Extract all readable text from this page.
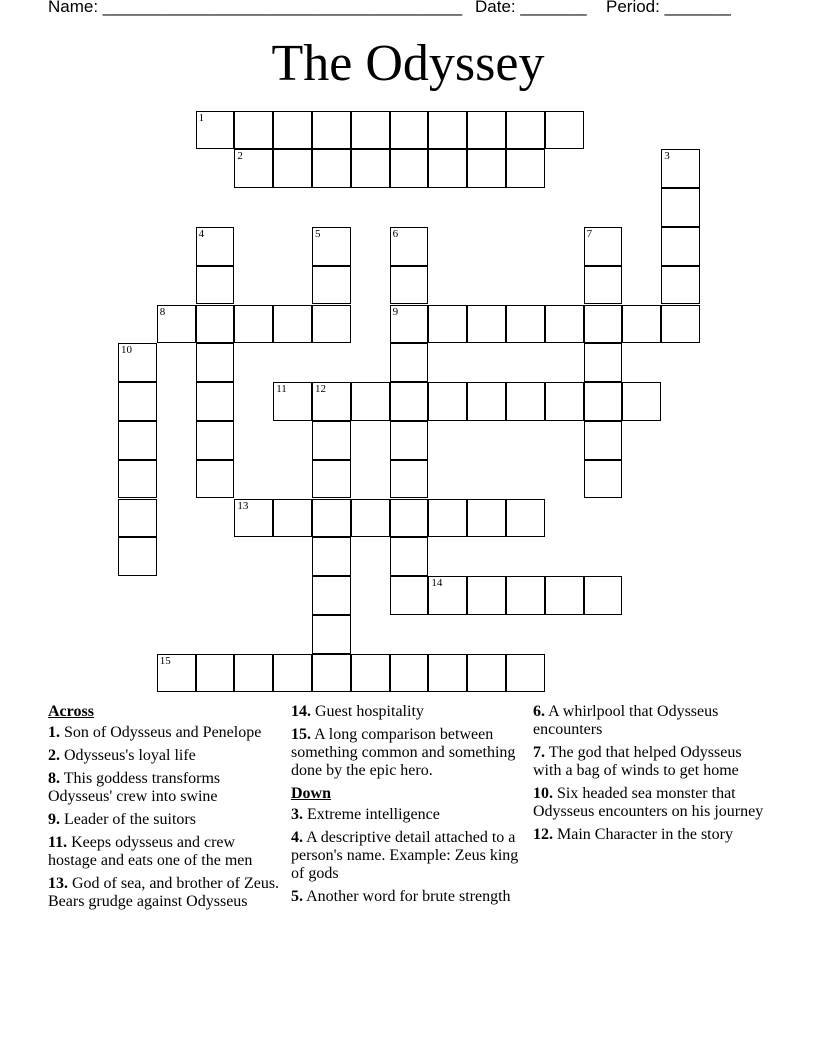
Name: ______________________________________

Date: _______

Period: _______

The Odyssey
1
2	3
4	5	6
9
7
8
10
11	12
13
14
15
Across
1. Son of Odysseus and Penelope
2. Odysseus's loyal life
8. This goddess transforms Odysseus' crew into swine
9. Leader of the suitors
11. Keeps odysseus and crew hostage and eats one of the men
13. God of sea, and brother of Zeus. Bears grudge against Odysseus
14. Guest hospitality
15. A long comparison between something common and something done by the epic hero.
Down
3. Extreme intelligence
4. A descriptive detail attached to a person's name. Example: Zeus king of gods
5. Another word for brute strength
6. A whirlpool that Odysseus encounters
7. The god that helped Odysseus with a bag of winds to get home
10. Six headed sea monster that Odysseus encounters on his journey
12. Main Character in the story
